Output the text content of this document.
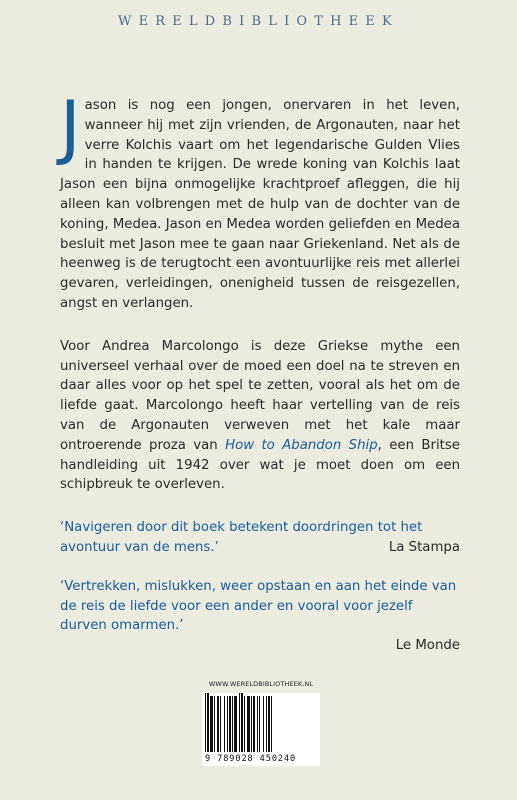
WERELDBIBLIOTHEEK

Jason is nog een jongen, onervaren in het leven, wanneer hij met zijn vrienden, de Argonauten, naar het verre Kolchis vaart om het legendarische Gulden Vlies in handen te krijgen. De wrede koning van Kolchis laat Jason een bijna onmogelijke krachtproef afleggen, die hij alleen kan volbrengen met de hulp van de dochter van de koning, Medea. Jason en Medea worden geliefden en Medea besluit met Jason mee te gaan naar Griekenland. Net als de heenweg is de terugtocht een avontuurlijke reis met allerlei gevaren, verleidingen, onenigheid tussen de reisgezellen, angst en verlangen.

Voor Andrea Marcolongo is deze Griekse mythe een universeel verhaal over de moed een doel na te streven en daar alles voor op het spel te zetten, vooral als het om de liefde gaat. Marcolongo heeft haar vertelling van de reis van de Argonauten verweven met het kale maar ontroerende proza van How to Abandon Ship, een Britse handleiding uit 1942 over wat je moet doen om een schipbreuk te overleven.

‘Navigeren door dit boek betekent doordringen tot het avontuur van de mens.’	La Stampa
‘Vertrekken, mislukken, weer opstaan en aan het einde van de reis de liefde voor een ander en vooral voor jezelf durven omarmen.’
Le Monde
WWW.WERELDBIBLIOTHEEK.NL
9 789028 450240
